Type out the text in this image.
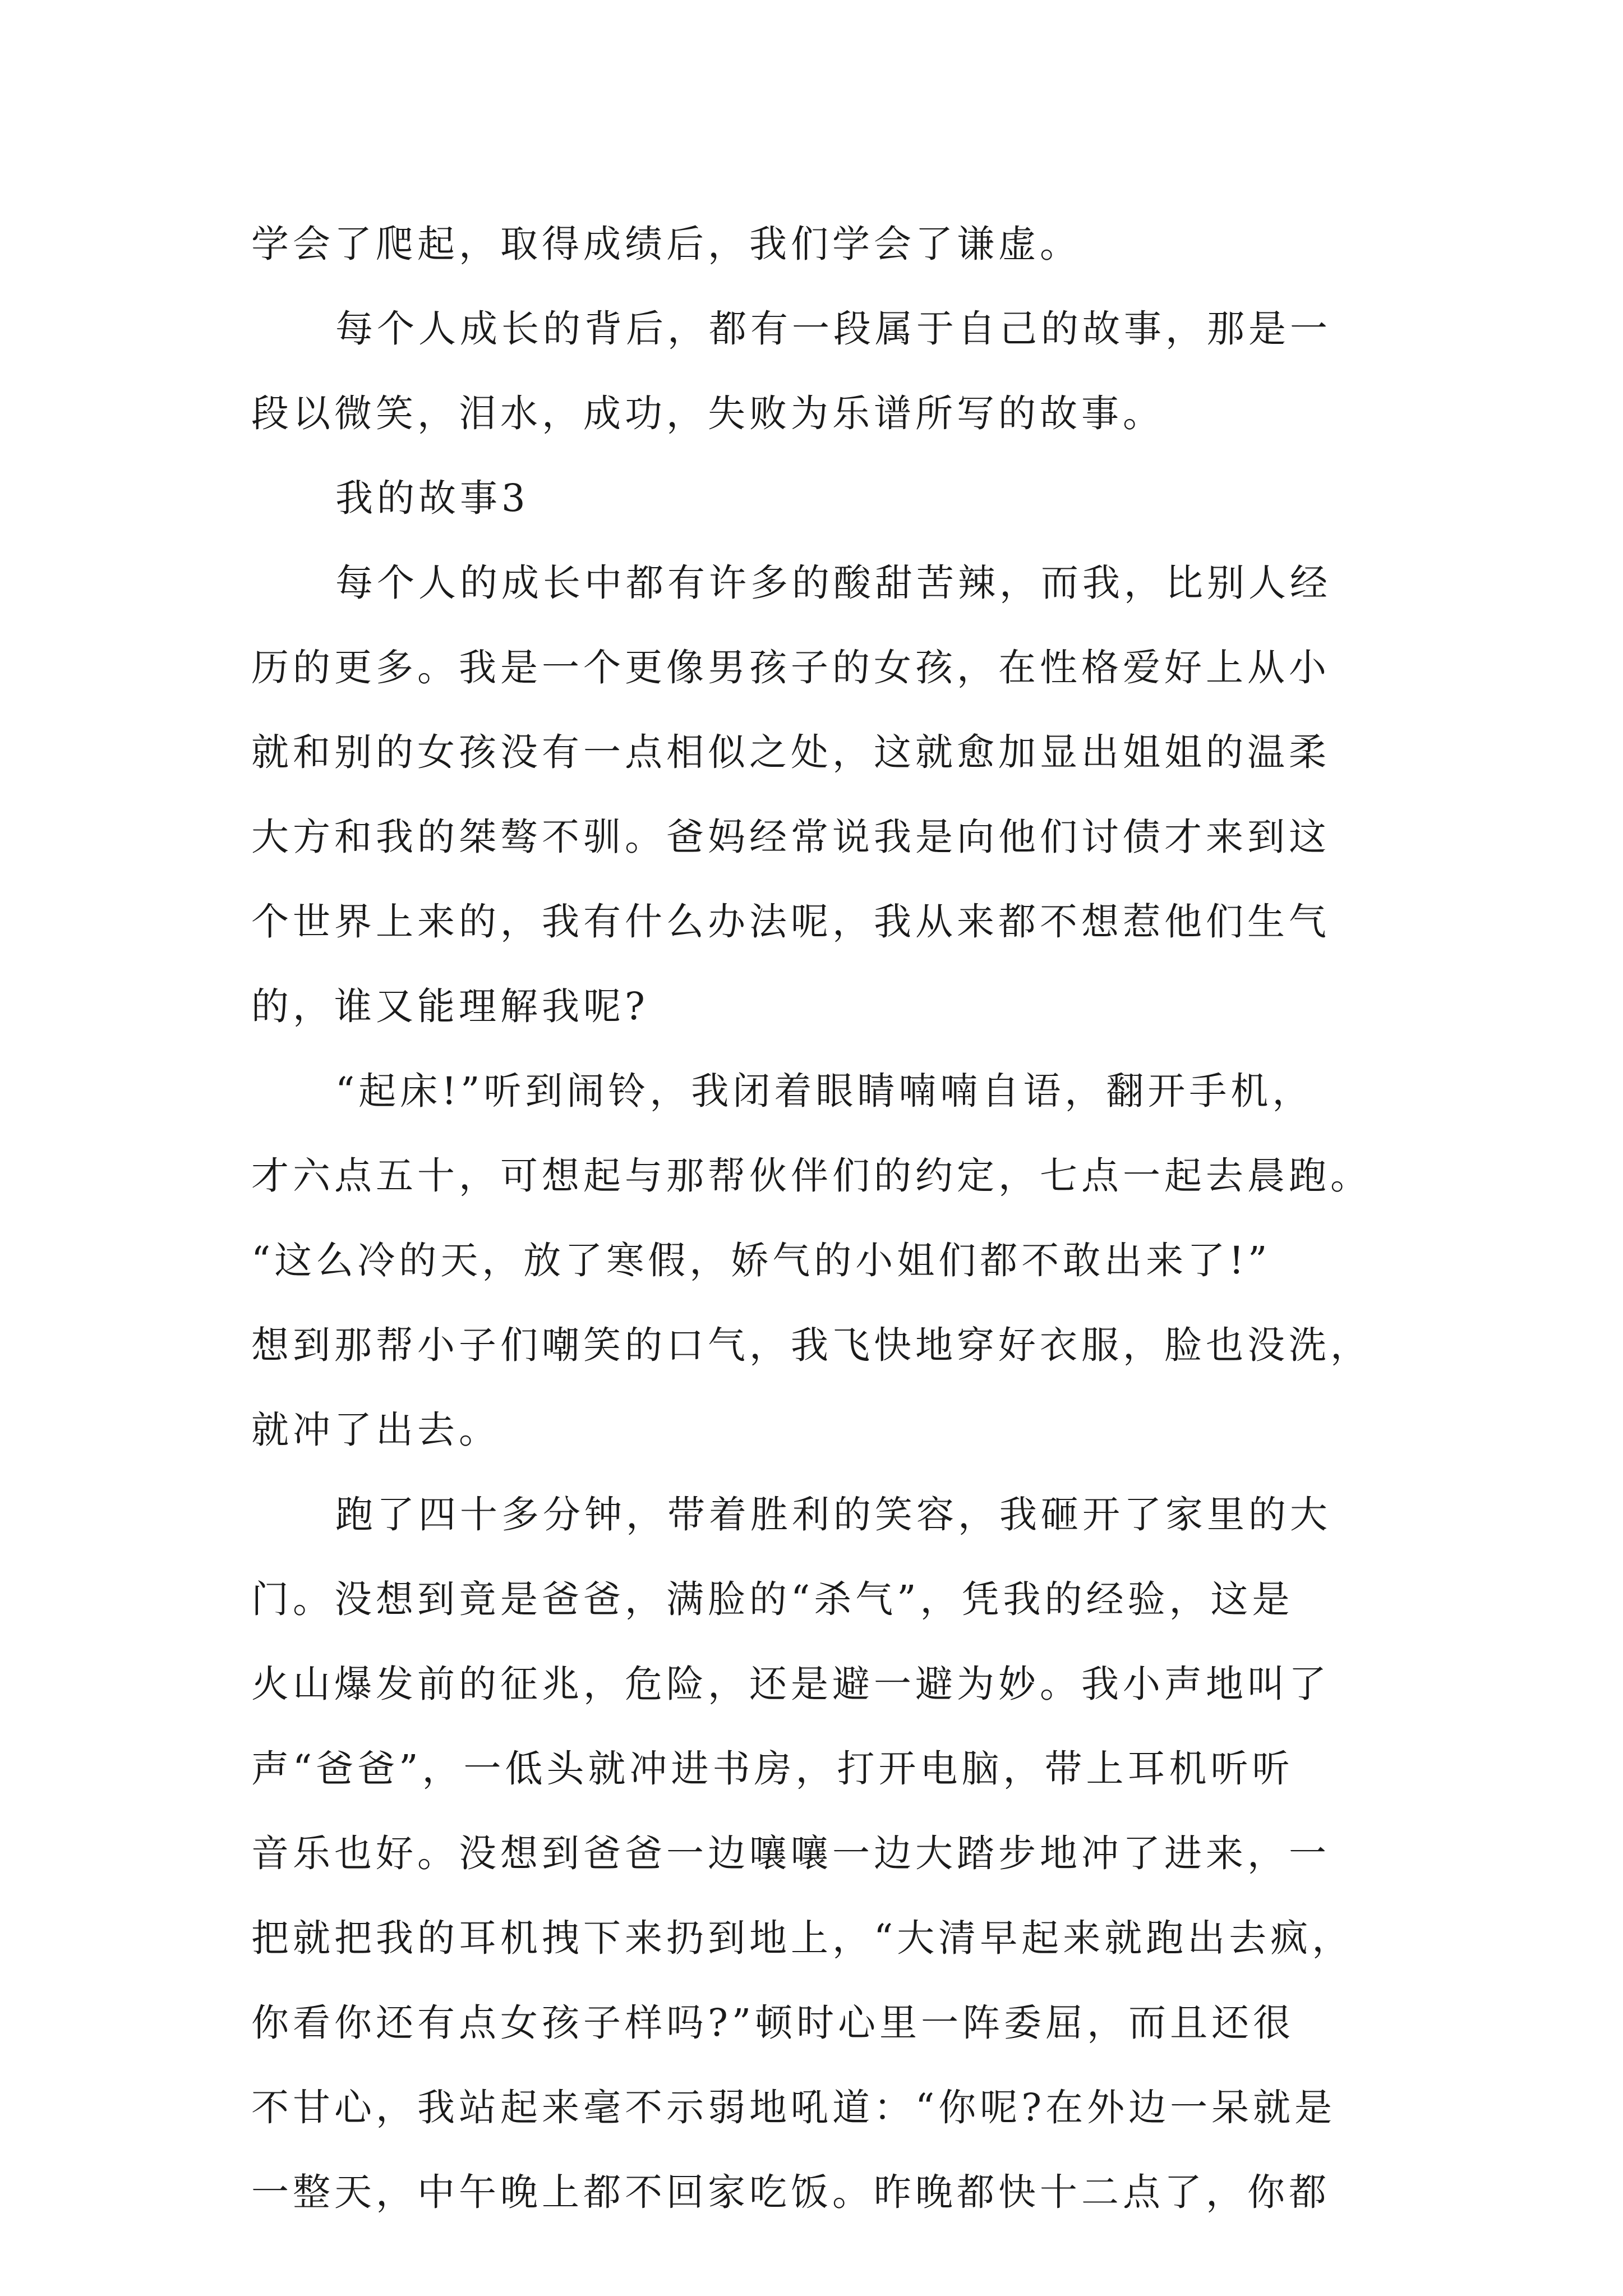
学会了爬起，取得成绩后，我们学会了谦虚。
每个人成长的背后，都有一段属于自己的故事，那是一
段以微笑，泪水，成功，失败为乐谱所写的故事。
我的故事3
每个人的成长中都有许多的酸甜苦辣，而我，比别人经
历的更多。我是一个更像男孩子的女孩，在性格爱好上从小
就和别的女孩没有一点相似之处，这就愈加显出姐姐的温柔
大方和我的桀骜不驯。爸妈经常说我是向他们讨债才来到这
个世界上来的，我有什么办法呢，我从来都不想惹他们生气
的，谁又能理解我呢?
“起床!”听到闹铃，我闭着眼睛喃喃自语，翻开手机，
才六点五十，可想起与那帮伙伴们的约定，七点一起去晨跑。
“这么冷的天，放了寒假，娇气的小姐们都不敢出来了!”
想到那帮小子们嘲笑的口气，我飞快地穿好衣服，脸也没洗，
就冲了出去。
跑了四十多分钟，带着胜利的笑容，我砸开了家里的大
门。没想到竟是爸爸，满脸的“杀气”，凭我的经验，这是
火山爆发前的征兆，危险，还是避一避为妙。我小声地叫了
声“爸爸”，一低头就冲进书房，打开电脑，带上耳机听听
音乐也好。没想到爸爸一边嚷嚷一边大踏步地冲了进来，一
把就把我的耳机拽下来扔到地上，“大清早起来就跑出去疯，
你看你还有点女孩子样吗?”顿时心里一阵委屈，而且还很
不甘心，我站起来毫不示弱地吼道：“你呢?在外边一呆就是
一整天，中午晚上都不回家吃饭。昨晚都快十二点了，你都
